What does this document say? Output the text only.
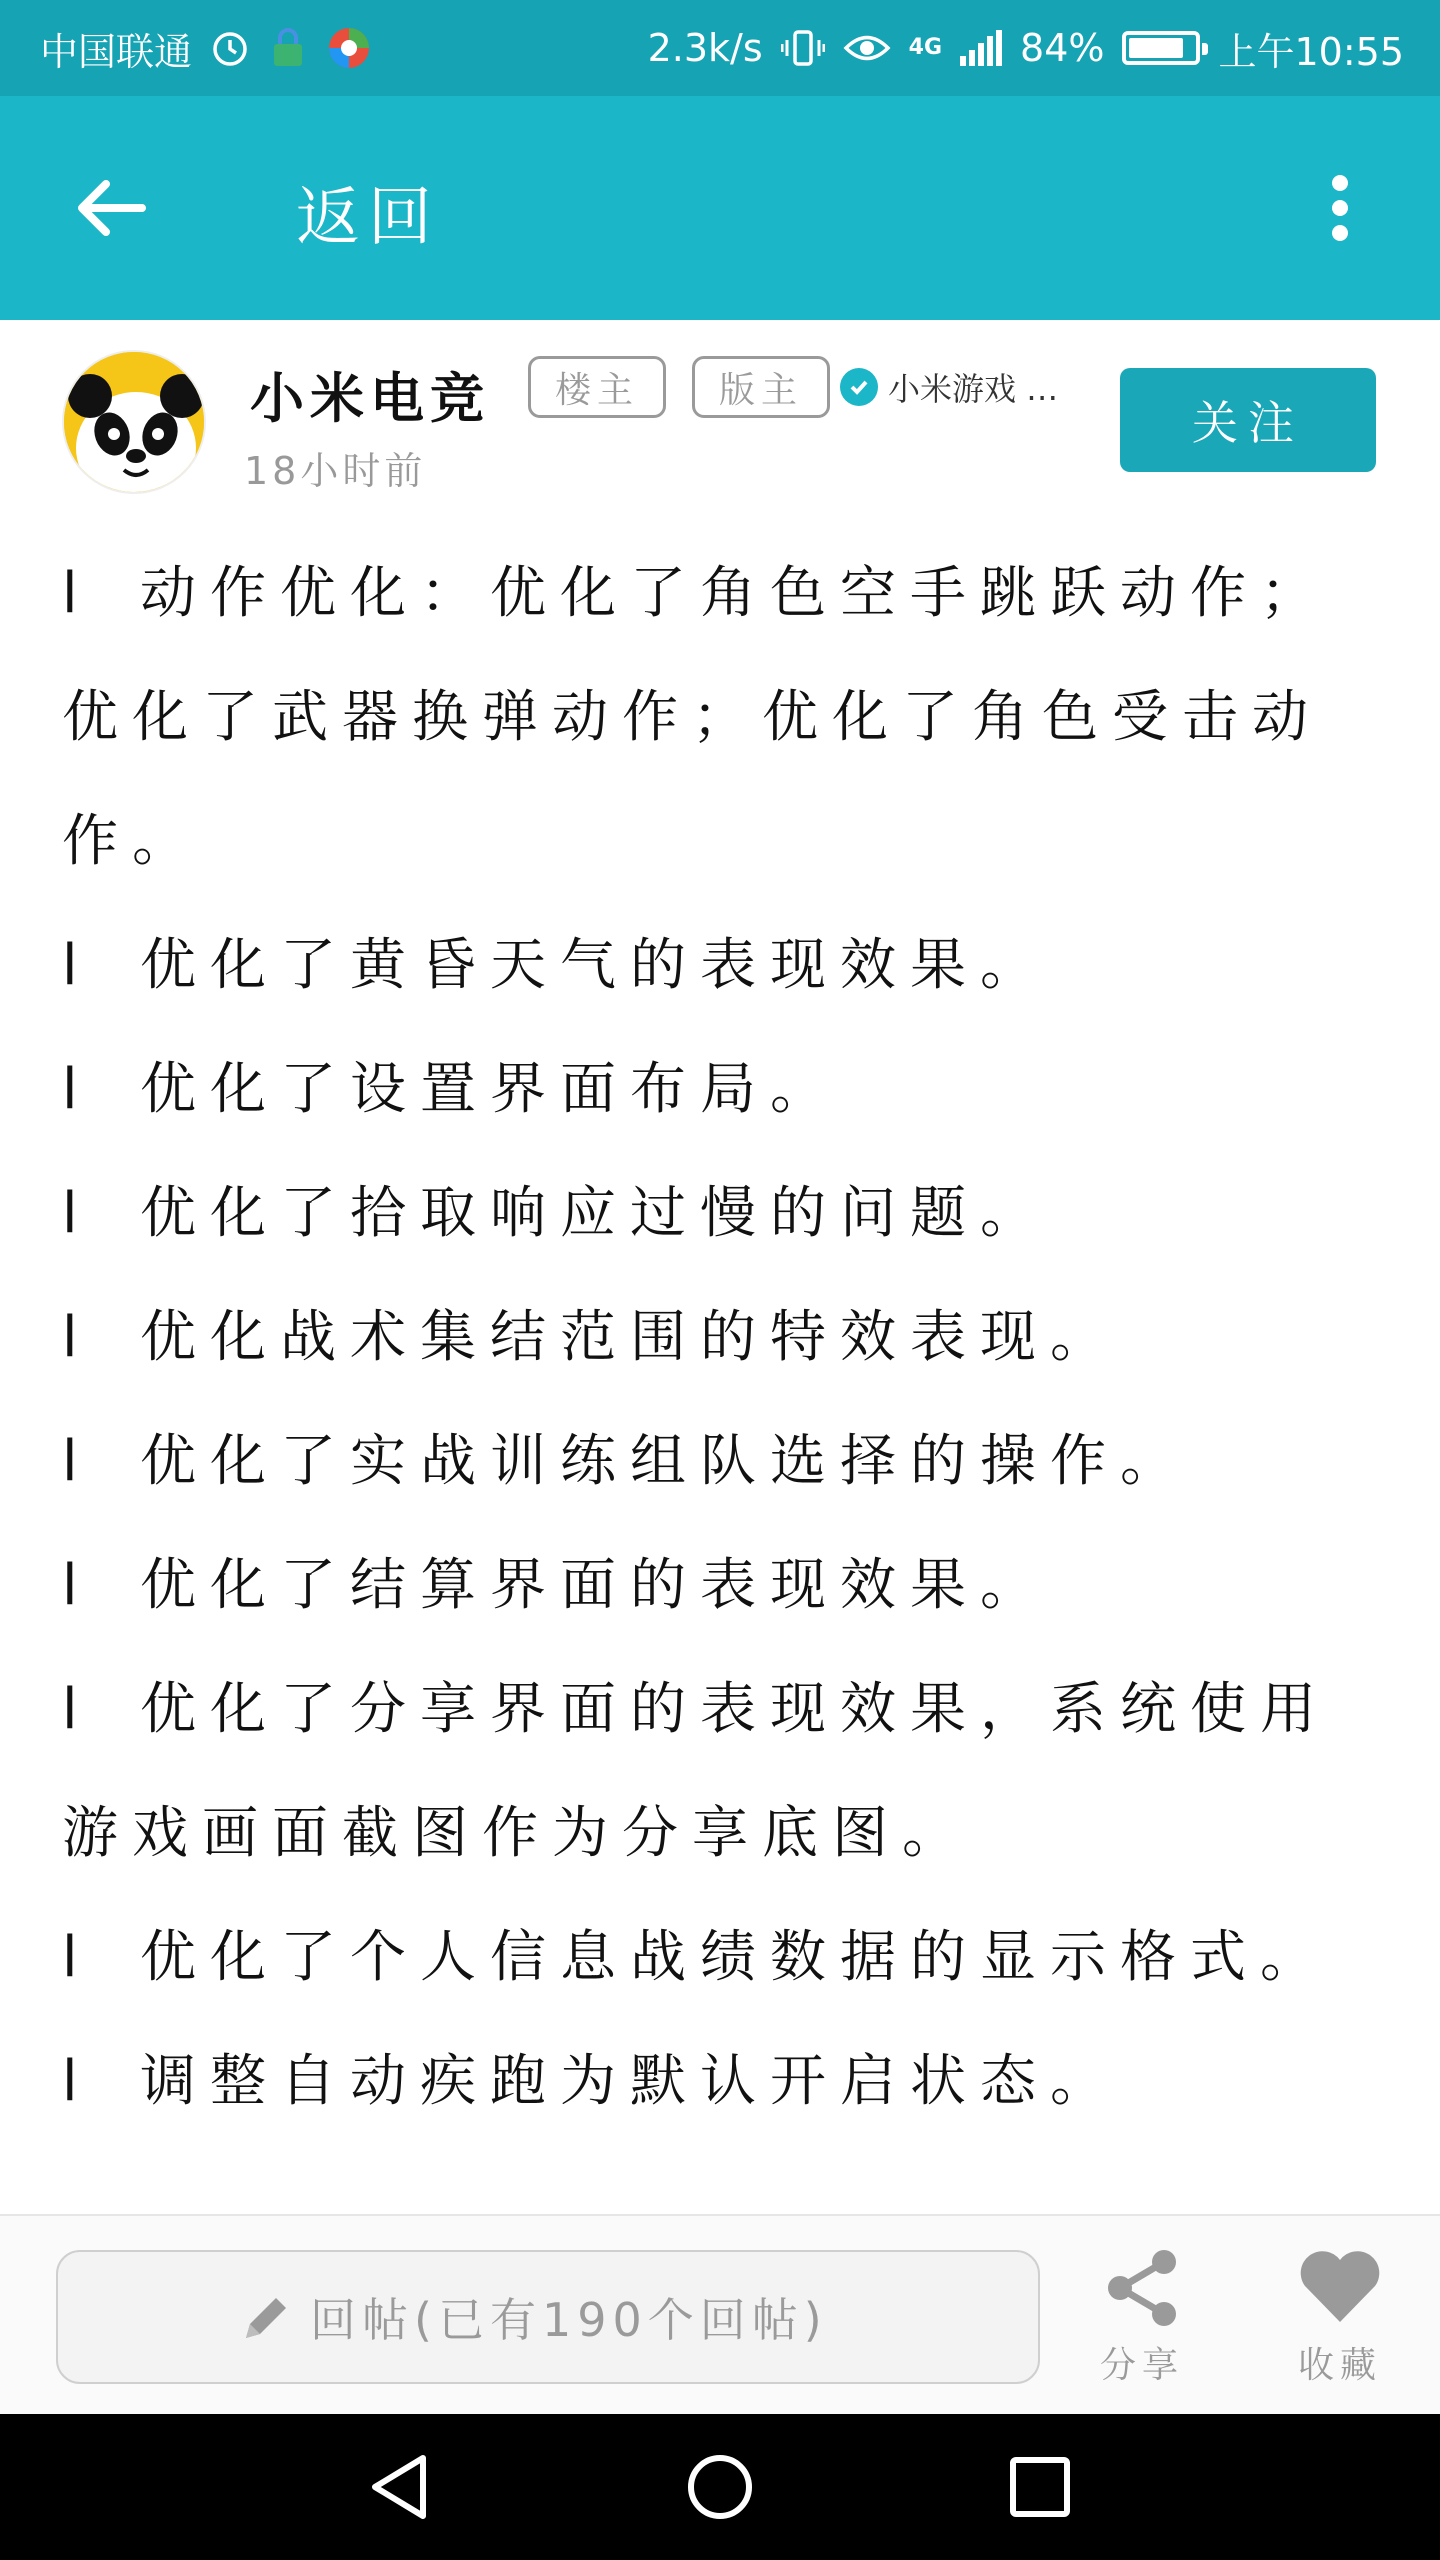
中国联通	2.3k/s	4G 84%	上午10:55
返回
小米电竞	楼主	版主	小米游戏 …
18小时前
关注
l 动作优化：优化了角色空手跳跃动作；优化了武器换弹动作；优化了角色受击动作。
l 优化了黄昏天气的表现效果。
l 优化了设置界面布局。
l 优化了拾取响应过慢的问题。
l 优化战术集结范围的特效表现。
l 优化了实战训练组队选择的操作。
l 优化了结算界面的表现效果。
l 优化了分享界面的表现效果，系统使用游戏画面截图作为分享底图。
l 优化了个人信息战绩数据的显示格式。
l 调整自动疾跑为默认开启状态。
回帖(已有190个回帖)
分享	收藏
